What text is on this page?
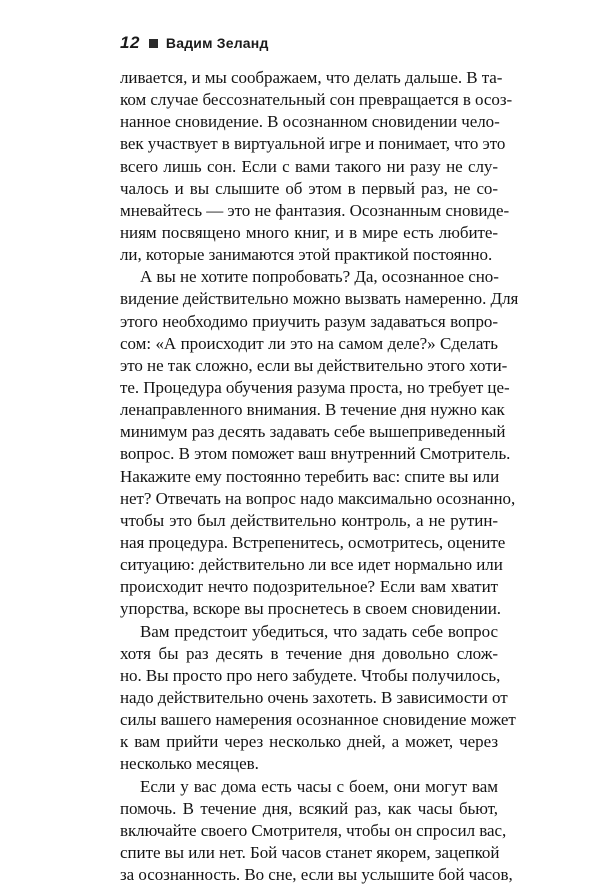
12 Вадим Зеланд
ливается, и мы соображаем, что делать дальше. В та-
ком случае бессознательный сон превращается в осоз-
нанное сновидение. В осознанном сновидении чело-
век участвует в виртуальной игре и понимает, что это
всего лишь сон. Если с вами такого ни разу не слу-
чалось и вы слышите об этом в первый раз, не со-
мневайтесь — это не фантазия. Осознанным сновиде-
ниям посвящено много книг, и в мире есть любите-
ли, которые занимаются этой практикой постоянно.
А вы не хотите попробовать? Да, осознанное сно-
видение действительно можно вызвать намеренно. Для
этого необходимо приучить разум задаваться вопро-
сом: «А происходит ли это на самом деле?» Сделать
это не так сложно, если вы действительно этого хоти-
те. Процедура обучения разума проста, но требует це-
ленаправленного внимания. В течение дня нужно как
минимум раз десять задавать себе вышеприведенный
вопрос. В этом поможет ваш внутренний Смотритель.
Накажите ему постоянно теребить вас: спите вы или
нет? Отвечать на вопрос надо максимально осознанно,
чтобы это был действительно контроль, а не рутин-
ная процедура. Встрепенитесь, осмотритесь, оцените
ситуацию: действительно ли все идет нормально или
происходит нечто подозрительное? Если вам хватит
упорства, вскоре вы проснетесь в своем сновидении.
Вам предстоит убедиться, что задать себе вопрос
хотя бы раз десять в течение дня довольно слож-
но. Вы просто про него забудете. Чтобы получилось,
надо действительно очень захотеть. В зависимости от
силы вашего намерения осознанное сновидение может
к вам прийти через несколько дней, а может, через
несколько месяцев.
Если у вас дома есть часы с боем, они могут вам
помочь. В течение дня, всякий раз, как часы бьют,
включайте своего Смотрителя, чтобы он спросил вас,
спите вы или нет. Бой часов станет якорем, зацепкой
за осознанность. Во сне, если вы услышите бой часов,
